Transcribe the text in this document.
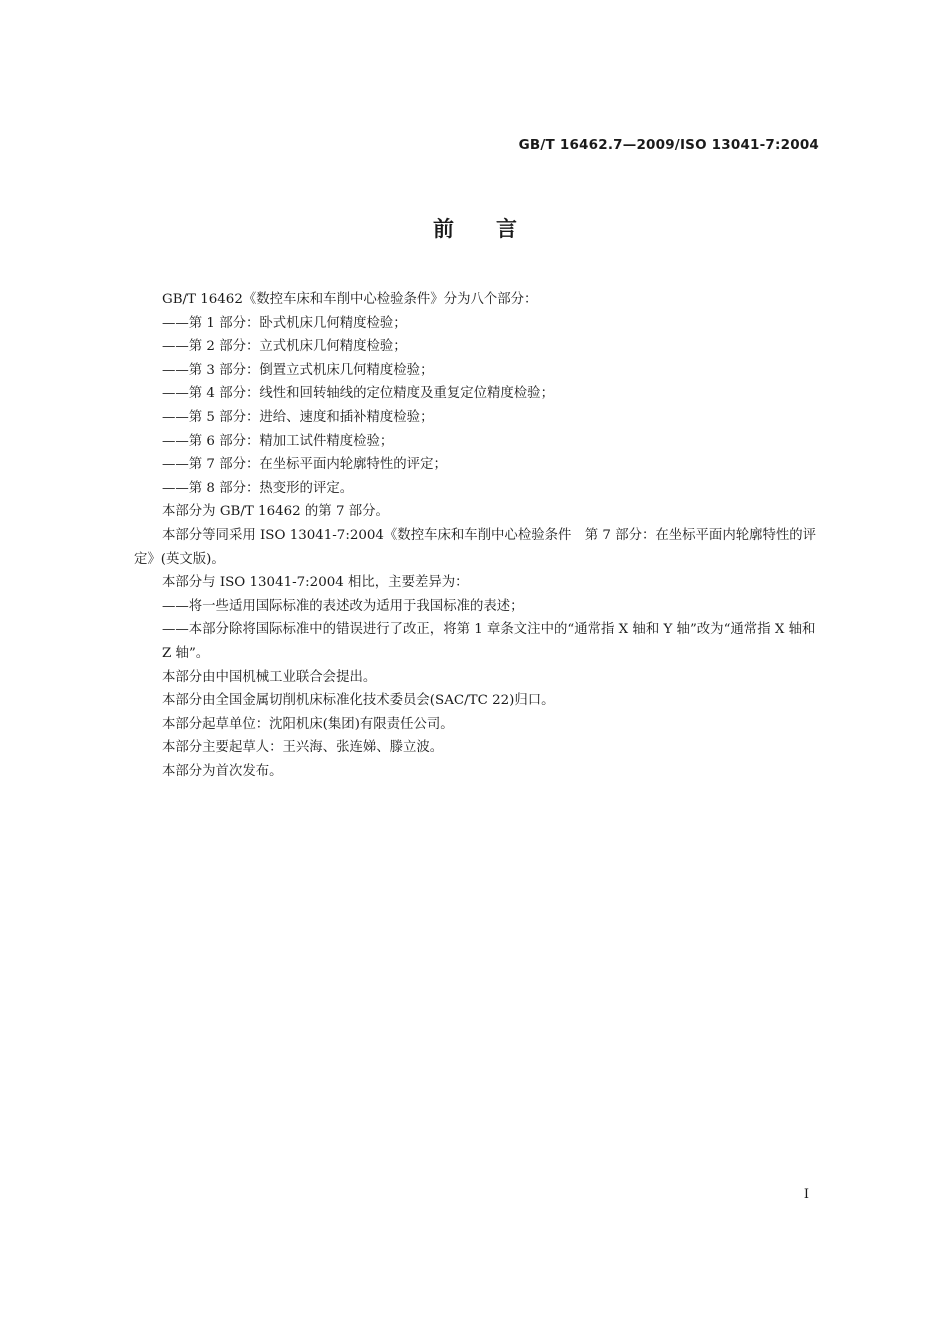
GB/T 16462.7—2009/ISO 13041-7:2004
前言

GB/T 16462《数控车床和车削中心检验条件》分为八个部分：

——第 1 部分：卧式机床几何精度检验；

——第 2 部分：立式机床几何精度检验；

——第 3 部分：倒置立式机床几何精度检验；

——第 4 部分：线性和回转轴线的定位精度及重复定位精度检验；

——第 5 部分：进给、速度和插补精度检验；

——第 6 部分：精加工试件精度检验；

——第 7 部分：在坐标平面内轮廓特性的评定；

——第 8 部分：热变形的评定。

本部分为 GB/T 16462 的第 7 部分。

本部分等同采用 ISO 13041-7:2004《数控车床和车削中心检验条件　第 7 部分：在坐标平面内轮廓特性的评定》(英文版)。

本部分与 ISO 13041-7:2004 相比，主要差异为：

——将一些适用国际标准的表述改为适用于我国标准的表述；

——本部分除将国际标准中的错误进行了改正，将第 1 章条文注中的“通常指 X 轴和 Y 轴”改为“通常指 X 轴和 Z 轴”。

本部分由中国机械工业联合会提出。

本部分由全国金属切削机床标准化技术委员会(SAC/TC 22)归口。

本部分起草单位：沈阳机床(集团)有限责任公司。

本部分主要起草人：王兴海、张连娣、滕立波。

本部分为首次发布。

I
